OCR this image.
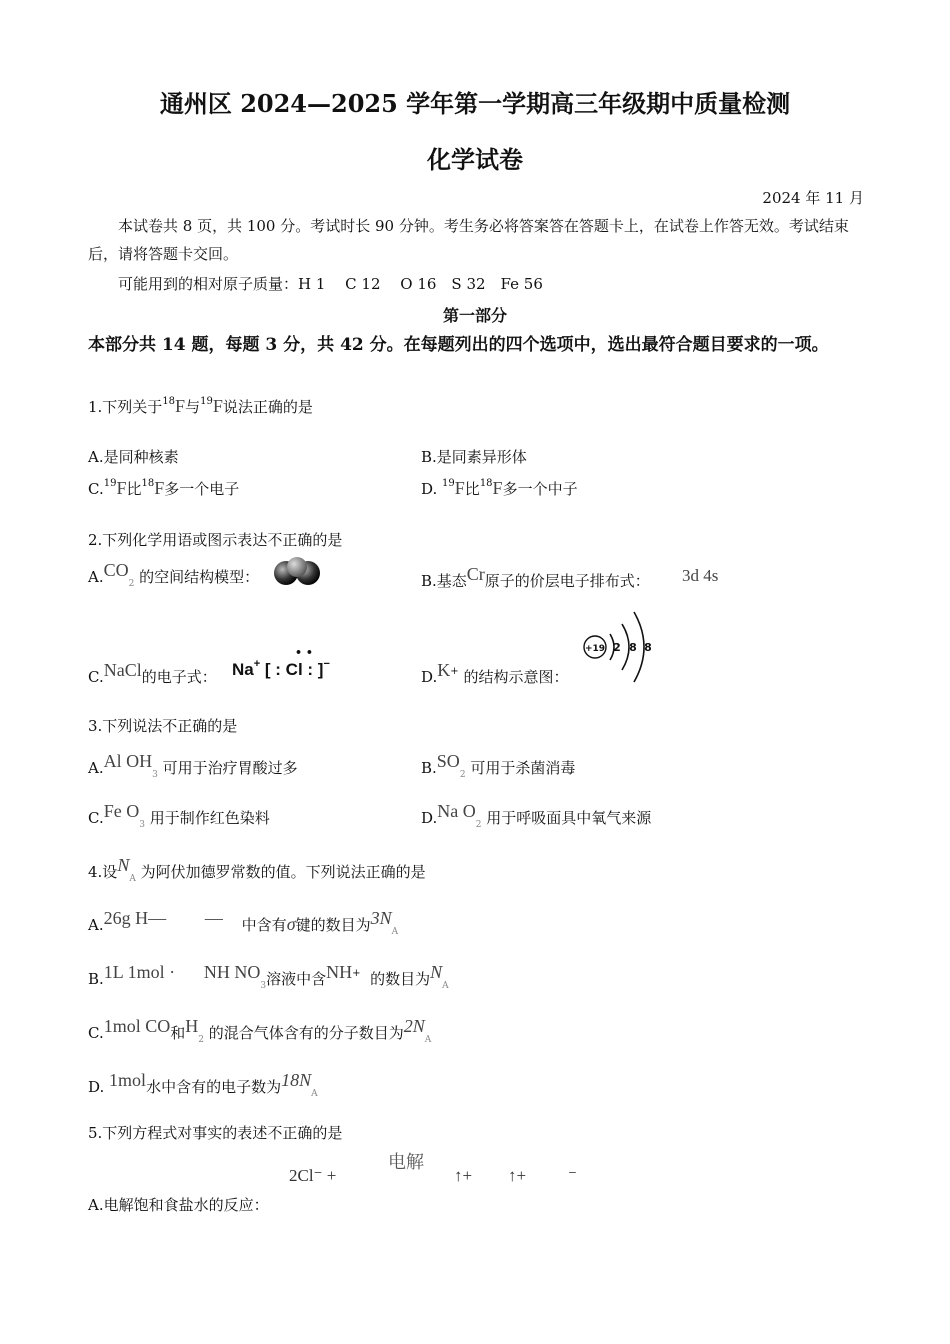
通州区 2024—2025 学年第一学期高三年级期中质量检测
化学试卷
2024 年 11 月
本试卷共 8 页，共 100 分。考试时长 90 分钟。考生务必将答案答在答题卡上，在试卷上作答无效。考试结束后，请将答题卡交回。
可能用到的相对原子质量：H 1　 C 12　 O 16　S 32　Fe 56
第一部分
本部分共 14 题，每题 3 分，共 42 分。在每题列出的四个选项中，选出最符合题目要求的一项。
1.下列关于$^{18}$F与$^{19}$F说法正确的是
A.是同种核素	B.是同素异形体
C.$^{19}$F比$^{18}$F多一个电子	D. $^{19}$F比$^{18}$F多一个中子
2.下列化学用语或图示表达不正确的是
$A.CO_2$ 的空间结构模型：	B.基态Cr原子的价层电子排布式： 3d 4s
C.NaCl的电子式： Na+ [ : Cl : ]−
• •
D.K+ 的结构示意图：
+19 2 8 8
3.下列说法不正确的是
A.Al $OH_3$ 可用于治疗胃酸过多	$B.SO_2$ 可用于杀菌消毒
C.Fe $O_3$ 用于制作红色染料	D.Na $O_2$ 用于呼吸面具中氧气来源
4.设$N_A$ 为阿伏加德罗常数的值。下列说法正确的是
A.26g H— — 中含有σ键的数目为$3N_A$
B.1L 1mol · NH $NO_3$溶液中含NH+ 的数目为$N_A$
C.1mol CO和$H_2$ 的混合气体含有的分子数目为$2N_A$
D. 1mol水中含有的电子数为$18N_A$
5.下列方程式对事实的表述不正确的是
电解
2Cl⁻ +	↑+ ↑+ ⁻
A.电解饱和食盐水的反应：
